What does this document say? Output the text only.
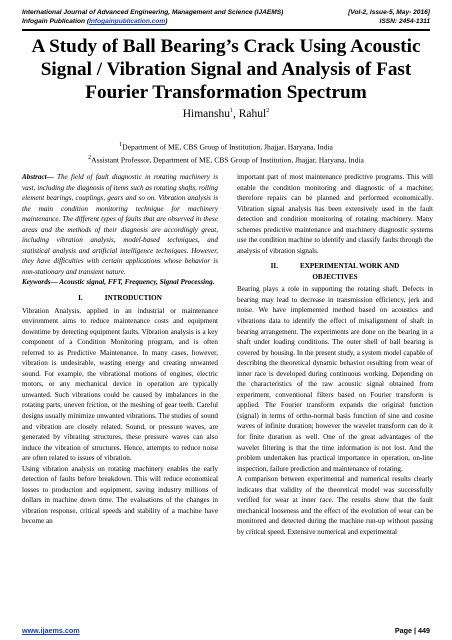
International Journal of Advanced Engineering, Management and Science (IJAEMS)	[Vol-2, Issue-5, May- 2016]
Infogain Publication (Infogainpublication.com)	ISSN: 2454-1311
A Study of Ball Bearing’s Crack Using Acoustic Signal / Vibration Signal and Analysis of Fast Fourier Transformation Spectrum
Himanshu$^1$, Rahul$^2$
$^1$Department of ME, CBS Group of Institution, Jhajjar, Haryana, India
$^2$Assistant Professor, Department of ME, CBS Group of Institution, Jhajjar, Haryana, India

Abstract— The field of fault diagnostic in rotating machinery is vast, including the diagnosis of items such as rotating shafts, rolling element bearings, couplings, gears and so on. Vibration analysis is the main condition monitoring technique for machinery maintenance. The different types of faults that are observed in these areas and the methods of their diagnosis are accordingly great, including vibration analysis, model-based techniques, and statistical analysis and artificial intelligence techniques. However, they have difficulties with certain applications whose behavior is non-stationary and transient nature.

Keywords— Acoustic signal, FFT, Frequency, Signal Processing.

I.	INTRODUCTION

Vibration Analysis, applied in an industrial or maintenance environment aims to reduce maintenance costs and equipment downtime by detecting equipment faults. Vibration analysis is a key component of a Condition Monitoring program, and is often referred to as Predictive Maintenance. In many cases, however, vibration is undesirable, wasting energy and creating unwanted sound. For example, the vibrational motions of engines, electric motors, or any mechanical device in operation are typically unwanted. Such vibrations could be caused by imbalances in the rotating parts, uneven friction, or the meshing of gear teeth. Careful designs usually minimize unwanted vibrations. The studies of sound and vibration are closely related. Sound, or pressure waves, are generated by vibrating structures, these pressure waves can also induce the vibration of structures. Hence, attempts to reduce noise are often related to issues of vibration.

Using vibration analysis on rotating machinery enables the early detection of faults before breakdown. This will reduce economical losses to production and equipment, saving industry millions of dollars in machine down time. The evaluations of the changes in vibration response, critical speeds and stability of a machine have become an

important part of most maintenance predictive programs. This will enable the condition monitoring and diagnostic of a machine; therefore repairs can be planned and performed economically. Vibration signal analysis has been extensively used in the fault detection and condition monitoring of rotating machinery. Many schemes predictive maintenance and machinery diagnostic systems use the condition machine to identify and classify faults through the analysis of vibration signals.

II.	EXPERIMENTAL WORK AND
OBJECTIVES

Bearing plays a role in supporting the rotating shaft. Defects in bearing may lead to decrease in transmission efficiency, jerk and noise. We have implemented method based on acoustics and vibrations data to identify the effect of misalignment of shaft in bearing arrangement. The experiments are done on the bearing in a shaft under loading conditions. The outer shell of ball bearing is covered by housing. In the present study, a system model capable of describing the theoretical dynamic behavior resulting from wear of inner race is developed during continuous working. Depending on the characteristics of the raw acoustic signal obtained from experiment, conventional filters based on Fourier transform is applied. The Fourier transform expands the original function (signal) in terms of ortho-normal basis function of sine and cosine waves of infinite duration; however the wavelet transform can do it for finite duration as well. One of the great advantages of the wavelet filtering is that the time information is not lost. And the problem undertaken has practical importance in operation, on-line inspection, failure prediction and maintenance of rotating.

A comparison between experimental and numerical results clearly indicates that validity of the theoretical model was successfully verified for wear at inner race. The results show that the fault mechanical looseness and the effect of the evolution of wear can be monitored and detected during the machine run-up without passing by critical speed. Extensive numerical and experimental

www.ijaems.com	Page | 449
